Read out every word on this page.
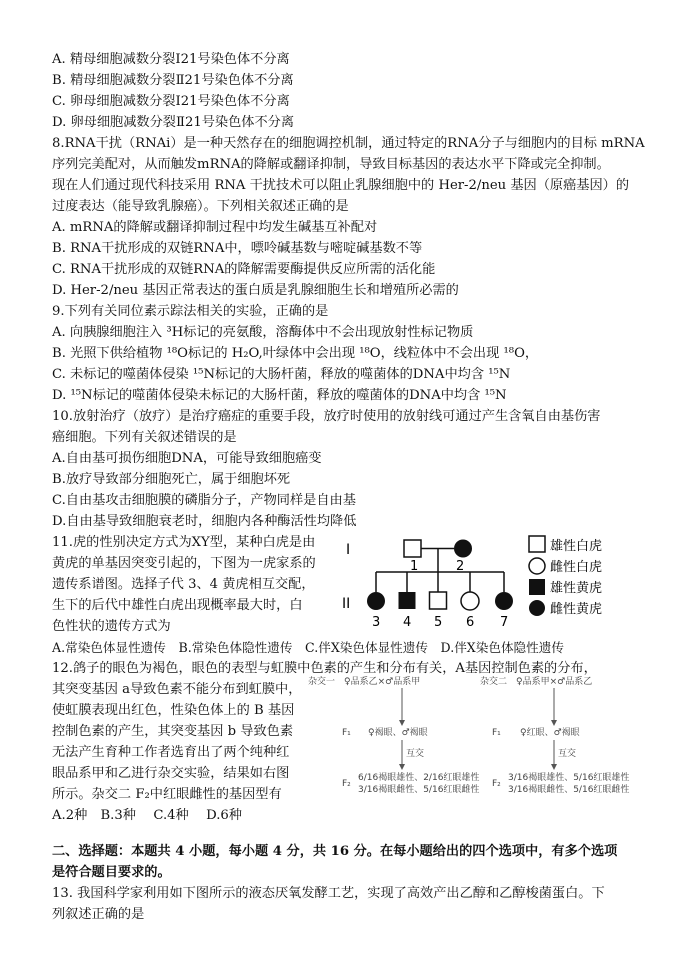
A. 精母细胞减数分裂Ⅰ21号染色体不分离
B. 精母细胞减数分裂Ⅱ21号染色体不分离
C. 卵母细胞减数分裂Ⅰ21号染色体不分离
D. 卵母细胞减数分裂Ⅱ21号染色体不分离
8.RNA干扰（RNAi）是一种天然存在的细胞调控机制，通过特定的RNA分子与细胞内的目标 mRNA
序列完美配对，从而触发mRNA的降解或翻译抑制，导致目标基因的表达水平下降或完全抑制。
现在人们通过现代科技采用 RNA 干扰技术可以阻止乳腺细胞中的 Her-2/neu 基因（原癌基因）的
过度表达（能导致乳腺癌）。下列相关叙述正确的是
A. mRNA的降解或翻译抑制过程中均发生碱基互补配对
B. RNA干扰形成的双链RNA中，嘌呤碱基数与嘧啶碱基数不等
C. RNA干扰形成的双链RNA的降解需要酶提供反应所需的活化能
D. Her-2/neu 基因正常表达的蛋白质是乳腺细胞生长和增殖所必需的
9.下列有关同位素示踪法相关的实验，正确的是
A. 向胰腺细胞注入 ³H标记的亮氨酸，溶酶体中不会出现放射性标记物质
B. 光照下供给植物 ¹⁸O标记的 H₂O,叶绿体中会出现 ¹⁸O，线粒体中不会出现 ¹⁸O，
C. 未标记的噬菌体侵染 ¹⁵N标记的大肠杆菌，释放的噬菌体的DNA中均含 ¹⁵N
D. ¹⁵N标记的噬菌体侵染未标记的大肠杆菌，释放的噬菌体的DNA中均含 ¹⁵N
10.放射治疗（放疗）是治疗癌症的重要手段，放疗时使用的放射线可通过产生含氧自由基伤害
癌细胞。下列有关叙述错误的是
A.自由基可损伤细胞DNA，可能导致细胞癌变
B.放疗导致部分细胞死亡，属于细胞坏死
C.自由基攻击细胞膜的磷脂分子，产物同样是自由基
D.自由基导致细胞衰老时，细胞内各种酶活性均降低
11.虎的性别决定方式为XY型，某种白虎是由
黄虎的单基因突变引起的，下图为一虎家系的
遗传系谱图。选择子代 3、4 黄虎相互交配，
生下的后代中雄性白虎出现概率最大时，白
色性状的遗传方式为
A.常染色体显性遗传　B.常染色体隐性遗传　C.伴X染色体显性遗传　D.伴X染色体隐性遗传
I
II
1	2
3 4 5 6 7
雄性白虎
雌性白虎
雄性黄虎
雌性黄虎
12.鸽子的眼色为褐色，眼色的表型与虹膜中色素的产生和分布有关，A基因控制色素的分布，
其突变基因 a导致色素不能分布到虹膜中，
使虹膜表现出红色，性染色体上的 B 基因
控制色素的产生，其突变基因 b 导致色素
无法产生育种工作者选育出了两个纯种红
眼品系甲和乙进行杂交实验，结果如右图
所示。杂交二 F₂中红眼雌性的基因型有
A.2种　B.3种　 C.4种　 D.6种
杂交一　♀品系乙×♂品系甲	杂交二　♀品系甲×♂品系乙
F₁ ♀褐眼、♂褐眼	F₁ ♀红眼、♂褐眼
互交	互交
F₂
6/16褐眼雄性、2/16红眼雄性
3/16褐眼雌性、5/16红眼雌性
F₂
3/16褐眼雄性、5/16红眼雄性
3/16褐眼雌性、5/16红眼雌性
二、选择题：本题共 4 小题，每小题 4 分，共 16 分。在每小题给出的四个选项中，有多个选项
是符合题目要求的。
13. 我国科学家利用如下图所示的液态厌氧发酵工艺，实现了高效产出乙醇和乙醇梭菌蛋白。下
列叙述正确的是
